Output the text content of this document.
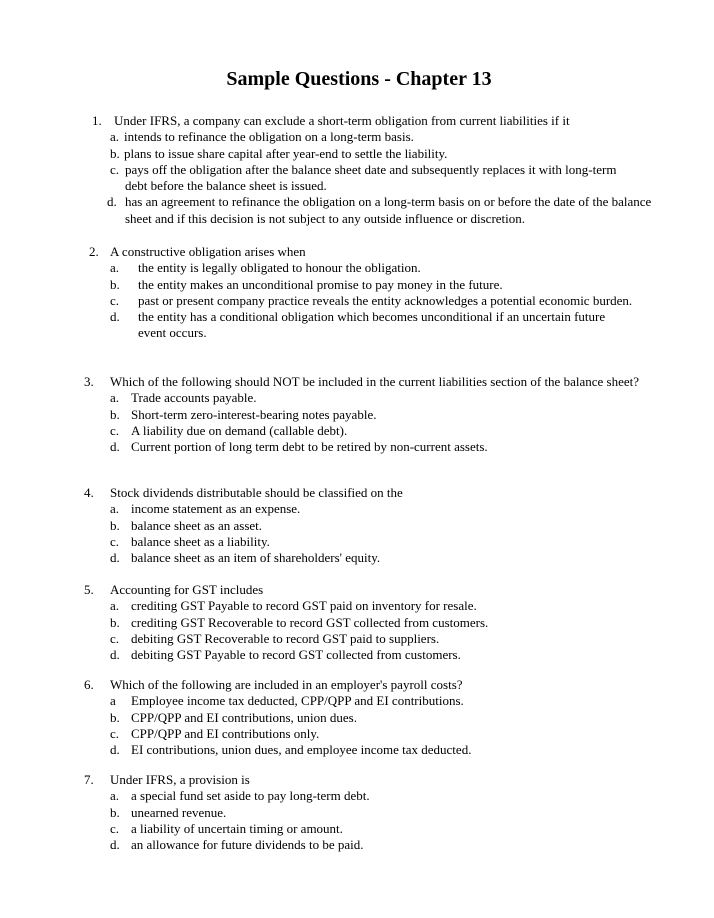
Sample Questions - Chapter 13
1. Under IFRS, a company can exclude a short-term obligation from current liabilities if it
a. intends to refinance the obligation on a long-term basis.
b. plans to issue share capital after year-end to settle the liability.
c. pays off the obligation after the balance sheet date and subsequently replaces it with long-term debt before the balance sheet is issued.
d. has an agreement to refinance the obligation on a long-term basis on or before the date of the balance sheet and if this decision is not subject to any outside influence or discretion.
2. A constructive obligation arises when
a. the entity is legally obligated to honour the obligation.
b. the entity makes an unconditional promise to pay money in the future.
c. past or present company practice reveals the entity acknowledges a potential economic burden.
d. the entity has a conditional obligation which becomes unconditional if an uncertain future event occurs.
3. Which of the following should NOT be included in the current liabilities section of the balance sheet?
a. Trade accounts payable.
b. Short-term zero-interest-bearing notes payable.
c. A liability due on demand (callable debt).
d. Current portion of long term debt to be retired by non-current assets.
4. Stock dividends distributable should be classified on the
a. income statement as an expense.
b. balance sheet as an asset.
c. balance sheet as a liability.
d. balance sheet as an item of shareholders' equity.
5. Accounting for GST includes
a. crediting GST Payable to record GST paid on inventory for resale.
b. crediting GST Recoverable to record GST collected from customers.
c. debiting GST Recoverable to record GST paid to suppliers.
d. debiting GST Payable to record GST collected from customers.
6. Which of the following are included in an employer's payroll costs?
a Employee income tax deducted, CPP/QPP and EI contributions.
b. CPP/QPP and EI contributions, union dues.
c. CPP/QPP and EI contributions only.
d. EI contributions, union dues, and employee income tax deducted.
7. Under IFRS, a provision is
a. a special fund set aside to pay long-term debt.
b. unearned revenue.
c. a liability of uncertain timing or amount.
d. an allowance for future dividends to be paid.
